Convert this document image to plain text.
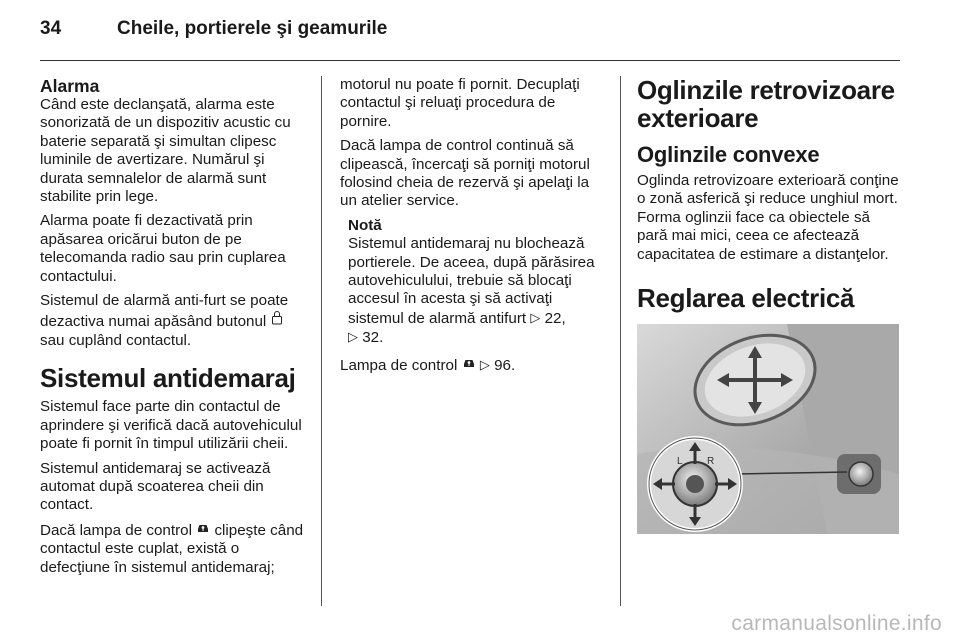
34	Cheile, portierele şi geamurile
Alarma

Când este declanşată, alarma este sonorizată de un dispozitiv acustic cu baterie separată şi simultan clipesc luminile de avertizare. Numărul şi durata semnalelor de alarmă sunt stabilite prin lege.

Alarma poate fi dezactivată prin apăsarea oricărui buton de pe telecomanda radio sau prin cuplarea contactului.

Sistemul de alarmă anti-furt se poate dezactiva numai apăsând butonul  sau cuplând contactul.

Sistemul antidemaraj

Sistemul face parte din contactul de aprindere şi verifică dacă autovehiculul poate fi pornit în timpul utilizării cheii.

Sistemul antidemaraj se activează automat după scoaterea cheii din contact.

Dacă lampa de control clipeşte când contactul este cuplat, există o defecţiune în sistemul antidemaraj;

motorul nu poate fi pornit. Decuplaţi contactul şi reluaţi procedura de pornire.

Dacă lampa de control continuă să clipească, încercaţi să porniţi motorul folosind cheia de rezervă şi apelaţi la un atelier service.

Notă
Sistemul antidemaraj nu blochează portierele. De aceea, după părăsirea autovehiculului, trebuie să blocaţi accesul în acesta şi să activaţi sistemul de alarmă antifurt ▷ 22,
▷ 32.

Lampa de control ▷ 96.

Oglinzile retrovizoare exterioare
Oglinzile convexe

Oglinda retrovizoare exterioară conţine o zonă asferică şi reduce unghiul mort. Forma oglinzii face ca obiectele să pară mai mici, ceea ce afectează capacitatea de estimare a distanţelor.

Reglarea electrică
L R
carmanualsonline.info
